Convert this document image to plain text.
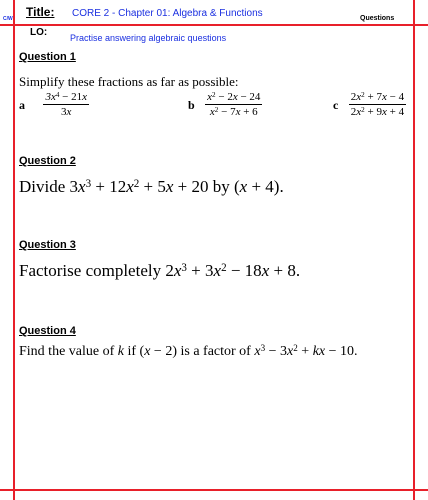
Title: CORE 2 - Chapter 01: Algebra & Functions	Questions
C/W
LO:	Practise answering algebraic questions
Question 1
Simplify these fractions as far as possible:
a $\frac{3x^4 - 21x}{3x}$	b $\frac{x^2 - 2x - 24}{x^2 - 7x + 6}$	c $\frac{2x^2 + 7x - 4}{2x^2 + 9x + 4}$
Question 2
Divide $3x^3 + 12x^2 + 5x + 20$ by (x + 4).
Question 3
Factorise completely $2x^3 + 3x^2 - 18x + 8$.
Question 4
Find the value of k if (x − 2) is a factor of $x^3 - 3x^2$ + kx − 10.
